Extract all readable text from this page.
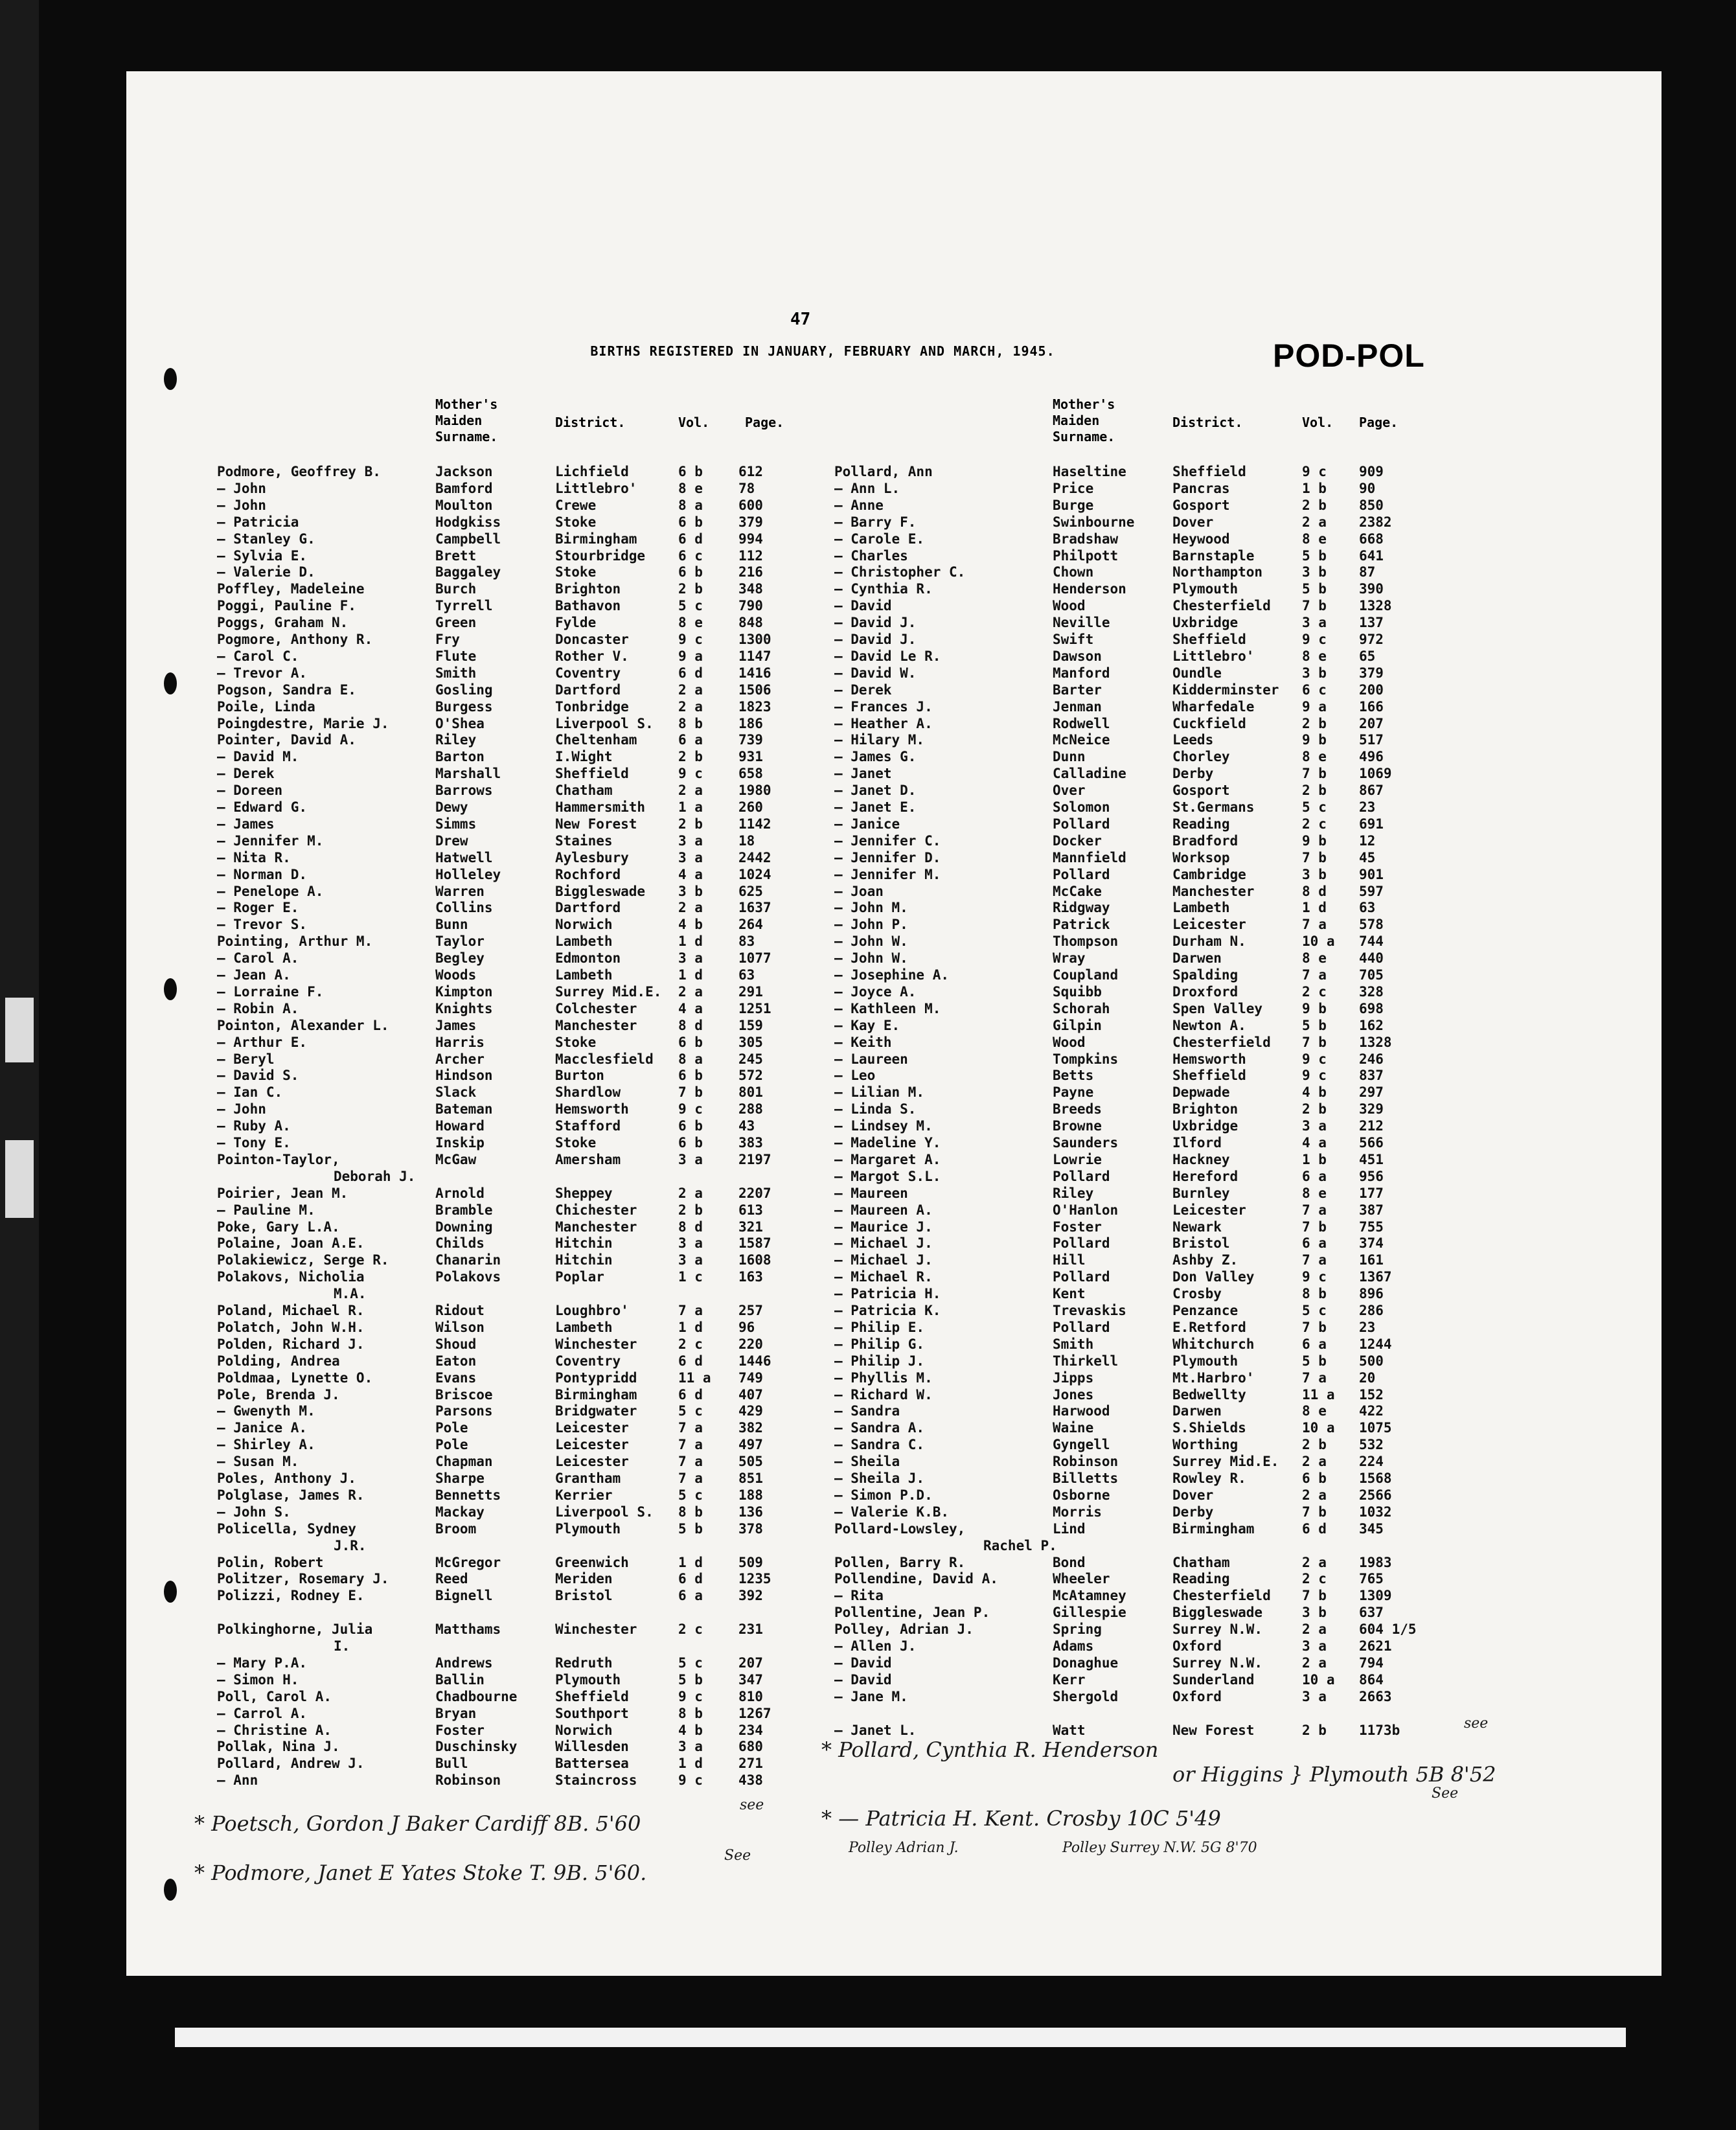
47
BIRTHS REGISTERED IN JANUARY, FEBRUARY AND MARCH, 1945.	POD-POL
Mother's
Maiden
Surname.
District.	Vol.	Page.
Mother's
Maiden
Surname.
District.	Vol. Page.
Podmore, Geoffrey B.	Jackson	Lichfield	6 b	612
— John	Bamford	Littlebro'	8 e	78
— John	Moulton	Crewe	8 a	600
— Patricia	Hodgkiss	Stoke	6 b	379
— Stanley G.	Campbell	Birmingham	6 d	994
— Sylvia E.	Brett	Stourbridge 6 c	112
— Valerie D.	Baggaley	Stoke	6 b	216
Poffley, Madeleine	Burch	Brighton	2 b	348
Poggi, Pauline F.	Tyrrell	Bathavon	5 c	790
Poggs, Graham N.	Green	Fylde	8 e	848
Pogmore, Anthony R.	Fry	Doncaster	9 c	1300
— Carol C.	Flute	Rother V.	9 a	1147
— Trevor A.	Smith	Coventry	6 d	1416
Pogson, Sandra E.	Gosling	Dartford	2 a	1506
Poile, Linda	Burgess	Tonbridge	2 a	1823
Poingdestre, Marie J.	O'Shea	Liverpool S. 8 b	186
Pointer, David A.	Riley	Cheltenham	6 a	739
— David M.	Barton	I.Wight	2 b	931
— Derek	Marshall	Sheffield	9 c	658
— Doreen	Barrows	Chatham	2 a	1980
— Edward G.	Dewy	Hammersmith 1 a	260
— James	Simms	New Forest	2 b	1142
— Jennifer M.	Drew	Staines	3 a	18
— Nita R.	Hatwell	Aylesbury	3 a	2442
— Norman D.	Holleley	Rochford	4 a	1024
— Penelope A.	Warren	Biggleswade 3 b	625
— Roger E.	Collins	Dartford	2 a	1637
— Trevor S.	Bunn	Norwich	4 b	264
Pointing, Arthur M.	Taylor	Lambeth	1 d	83
— Carol A.	Begley	Edmonton	3 a	1077
— Jean A.	Woods	Lambeth	1 d	63
— Lorraine F.	Kimpton	Surrey Mid.E. 2 a	291
— Robin A.	Knights	Colchester	4 a	1251
Pointon, Alexander L.	James	Manchester	8 d	159
— Arthur E.	Harris	Stoke	6 b	305
— Beryl	Archer	Macclesfield 8 a	245
— David S.	Hindson	Burton	6 b	572
— Ian C.	Slack	Shardlow	7 b	801
— John	Bateman	Hemsworth	9 c	288
— Ruby A.	Howard	Stafford	6 b	43
— Tony E.	Inskip	Stoke	6 b	383
Pointon-Taylor,	McGaw	Amersham	3 a	2197
Deborah J.
Poirier, Jean M.	Arnold	Sheppey	2 a	2207
— Pauline M.	Bramble	Chichester	2 b	613
Poke, Gary L.A.	Downing	Manchester	8 d	321
Polaine, Joan A.E.	Childs	Hitchin	3 a	1587
Polakiewicz, Serge R.	Chanarin	Hitchin	3 a	1608
Polakovs, Nicholia	Polakovs	Poplar	1 c	163
M.A.
Poland, Michael R.	Ridout	Loughbro'	7 a	257
Polatch, John W.H.	Wilson	Lambeth	1 d	96
Polden, Richard J.	Shoud	Winchester	2 c	220
Polding, Andrea	Eaton	Coventry	6 d	1446
Poldmaa, Lynette O.	Evans	Pontypridd	11 a 749
Pole, Brenda J.	Briscoe	Birmingham	6 d	407
— Gwenyth M.	Parsons	Bridgwater	5 c	429
— Janice A.	Pole	Leicester	7 a	382
— Shirley A.	Pole	Leicester	7 a	497
— Susan M.	Chapman	Leicester	7 a	505
Poles, Anthony J.	Sharpe	Grantham	7 a	851
Polglase, James R.	Bennetts	Kerrier	5 c	188
— John S.	Mackay	Liverpool S. 8 b	136
Policella, Sydney	Broom	Plymouth	5 b	378
J.R.
Polin, Robert	McGregor	Greenwich	1 d	509
Politzer, Rosemary J.	Reed	Meriden	6 d	1235
Polizzi, Rodney E.	Bignell	Bristol	6 a	392
Polkinghorne, Julia	Matthams	Winchester	2 c	231
I.
— Mary P.A.	Andrews	Redruth	5 c	207
— Simon H.	Ballin	Plymouth	5 b	347
Poll, Carol A.	Chadbourne	Sheffield	9 c	810
— Carrol A.	Bryan	Southport	8 b	1267
— Christine A.	Foster	Norwich	4 b	234
Pollak, Nina J.	Duschinsky	Willesden	3 a	680
Pollard, Andrew J.	Bull	Battersea	1 d	271
— Ann	Robinson	Staincross	9 c	438
Pollard, Ann	Haseltine	Sheffield	9 c 909
— Ann L.	Price	Pancras	1 b 90
— Anne	Burge	Gosport	2 b 850
— Barry F.	Swinbourne	Dover	2 a 2382
— Carole E.	Bradshaw	Heywood	8 e 668
— Charles	Philpott	Barnstaple	5 b 641
— Christopher C.	Chown	Northampton	3 b 87
— Cynthia R.	Henderson	Plymouth	5 b 390
— David	Wood	Chesterfield 7 b 1328
— David J.	Neville	Uxbridge	3 a 137
— David J.	Swift	Sheffield	9 c 972
— David Le R.	Dawson	Littlebro'	8 e 65
— David W.	Manford	Oundle	3 b 379
— Derek	Barter	Kidderminster 6 c 200
— Frances J.	Jenman	Wharfedale	9 a 166
— Heather A.	Rodwell	Cuckfield	2 b 207
— Hilary M.	McNeice	Leeds	9 b 517
— James G.	Dunn	Chorley	8 e 496
— Janet	Calladine	Derby	7 b 1069
— Janet D.	Over	Gosport	2 b 867
— Janet E.	Solomon	St.Germans	5 c 23
— Janice	Pollard	Reading	2 c 691
— Jennifer C.	Docker	Bradford	9 b 12
— Jennifer D.	Mannfield	Worksop	7 b 45
— Jennifer M.	Pollard	Cambridge	3 b 901
— Joan	McCake	Manchester	8 d 597
— John M.	Ridgway	Lambeth	1 d 63
— John P.	Patrick	Leicester	7 a 578
— John W.	Thompson	Durham N.	10 a 744
— John W.	Wray	Darwen	8 e 440
— Josephine A.	Coupland	Spalding	7 a 705
— Joyce A.	Squibb	Droxford	2 c 328
— Kathleen M.	Schorah	Spen Valley	9 b 698
— Kay E.	Gilpin	Newton A.	5 b 162
— Keith	Wood	Chesterfield 7 b 1328
— Laureen	Tompkins	Hemsworth	9 c 246
— Leo	Betts	Sheffield	9 c 837
— Lilian M.	Payne	Depwade	4 b 297
— Linda S.	Breeds	Brighton	2 b 329
— Lindsey M.	Browne	Uxbridge	3 a 212
— Madeline Y.	Saunders	Ilford	4 a 566
— Margaret A.	Lowrie	Hackney	1 b 451
— Margot S.L.	Pollard	Hereford	6 a 956
— Maureen	Riley	Burnley	8 e 177
— Maureen A.	O'Hanlon	Leicester	7 a 387
— Maurice J.	Foster	Newark	7 b 755
— Michael J.	Pollard	Bristol	6 a 374
— Michael J.	Hill	Ashby Z.	7 a 161
— Michael R.	Pollard	Don Valley	9 c 1367
— Patricia H.	Kent	Crosby	8 b 896
— Patricia K.	Trevaskis	Penzance	5 c 286
— Philip E.	Pollard	E.Retford	7 b 23
— Philip G.	Smith	Whitchurch	6 a 1244
— Philip J.	Thirkell	Plymouth	5 b 500
— Phyllis M.	Jipps	Mt.Harbro'	7 a 20
— Richard W.	Jones	Bedwellty	11 a 152
— Sandra	Harwood	Darwen	8 e 422
— Sandra A.	Waine	S.Shields	10 a 1075
— Sandra C.	Gyngell	Worthing	2 b 532
— Sheila	Robinson	Surrey Mid.E. 2 a 224
— Sheila J.	Billetts	Rowley R.	6 b 1568
— Simon P.D.	Osborne	Dover	2 a 2566
— Valerie K.B.	Morris	Derby	7 b 1032
Pollard-Lowsley,	Lind	Birmingham	6 d 345
Rachel P.
Pollen, Barry R.	Bond	Chatham	2 a 1983
Pollendine, David A.	Wheeler	Reading	2 c 765
— Rita	McAtamney	Chesterfield 7 b 1309
Pollentine, Jean P.	Gillespie	Biggleswade	3 b 637
Polley, Adrian J.	Spring	Surrey N.W.	2 a 604 1/5
— Allen J.	Adams	Oxford	3 a 2621
— David	Donaghue	Surrey N.W.	2 a 794
— David	Kerr	Sunderland	10 a 864
— Jane M.	Shergold	Oxford	3 a 2663
— Janet L.	Watt	New Forest	2 b 1173b
* Pollard, Cynthia R. Henderson
see
or Higgins } Plymouth 5B 8'52
* — Patricia H. Kent. Crosby 10C 5'49
See
Polley Adrian J.	Polley Surrey N.W. 5G 8'70
* Poetsch, Gordon J Baker Cardiff 8B. 5'60
see
* Podmore, Janet E Yates Stoke T. 9B. 5'60.
See
